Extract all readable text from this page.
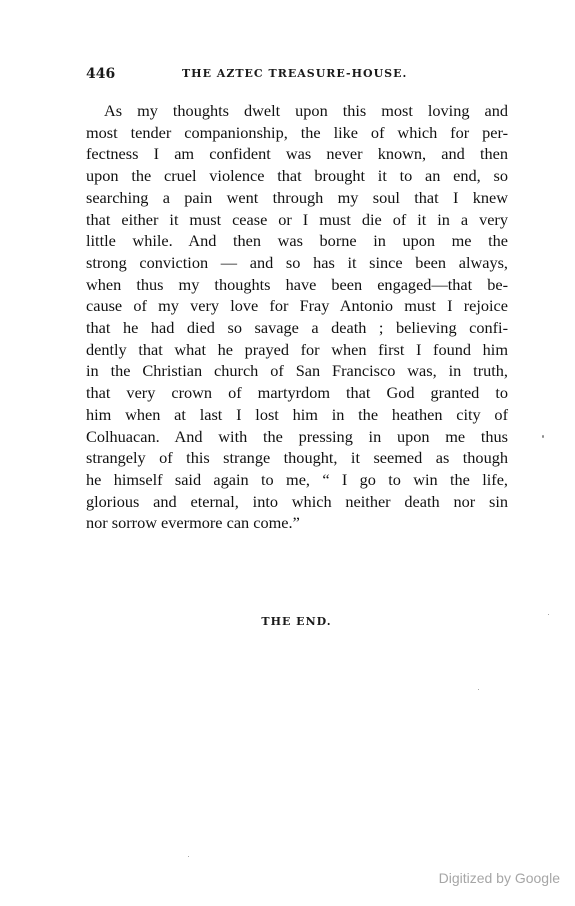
446	THE AZTEC TREASURE-HOUSE.
As my thoughts dwelt upon this most loving and
most tender companionship, the like of which for per-
fectness I am confident was never known, and then
upon the cruel violence that brought it to an end, so
searching a pain went through my soul that I knew
that either it must cease or I must die of it in a very
little while. And then was borne in upon me the
strong conviction — and so has it since been always,
when thus my thoughts have been engaged—that be-
cause of my very love for Fray Antonio must I rejoice
that he had died so savage a death ; believing confi-
dently that what he prayed for when first I found him
in the Christian church of San Francisco was, in truth,
that very crown of martyrdom that God granted to
him when at last I lost him in the heathen city of
Colhuacan. And with the pressing in upon me thus
strangely of this strange thought, it seemed as though
he himself said again to me, “ I go to win the life,
glorious and eternal, into which neither death nor sin
nor sorrow evermore can come.”
THE END.
Digitized by Google
